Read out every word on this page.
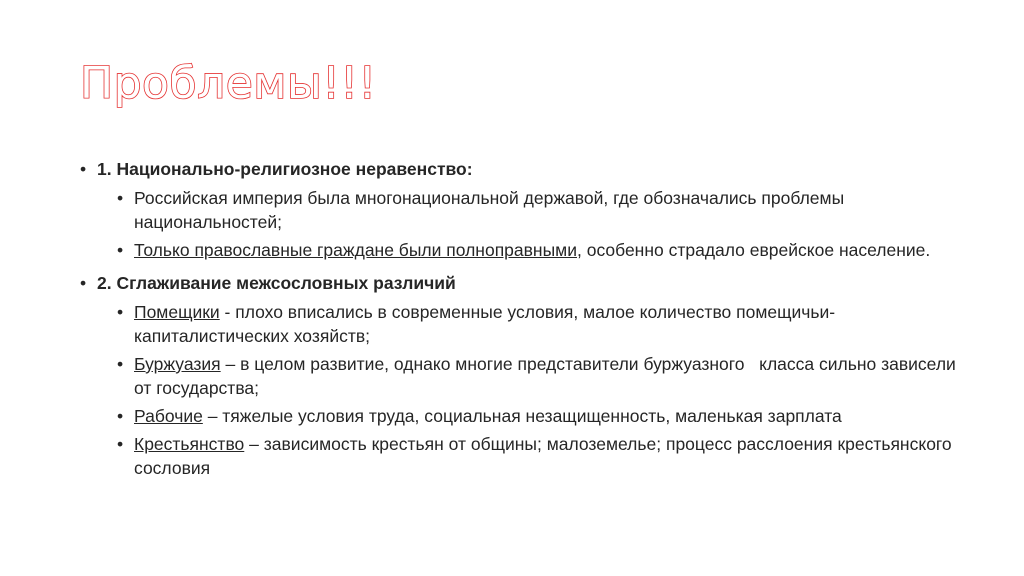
Проблемы!!!
• 1. Национально-религиозное неравенство:
• Российская империя была многонациональной державой, где обозначались проблемы национальностей;
• Только православные граждане были полноправными, особенно страдало еврейское население.
• 2. Сглаживание межсословных различий
• Помещики - плохо вписались в современные условия, малое количество помещичьи-капиталистических хозяйств;
• Буржуазия – в целом развитие, однако многие представители буржуазного   класса сильно зависели от государства;
• Рабочие – тяжелые условия труда, социальная незащищенность, маленькая зарплата
• Крестьянство – зависимость крестьян от общины; малоземелье; процесс расслоения крестьянского сословия
